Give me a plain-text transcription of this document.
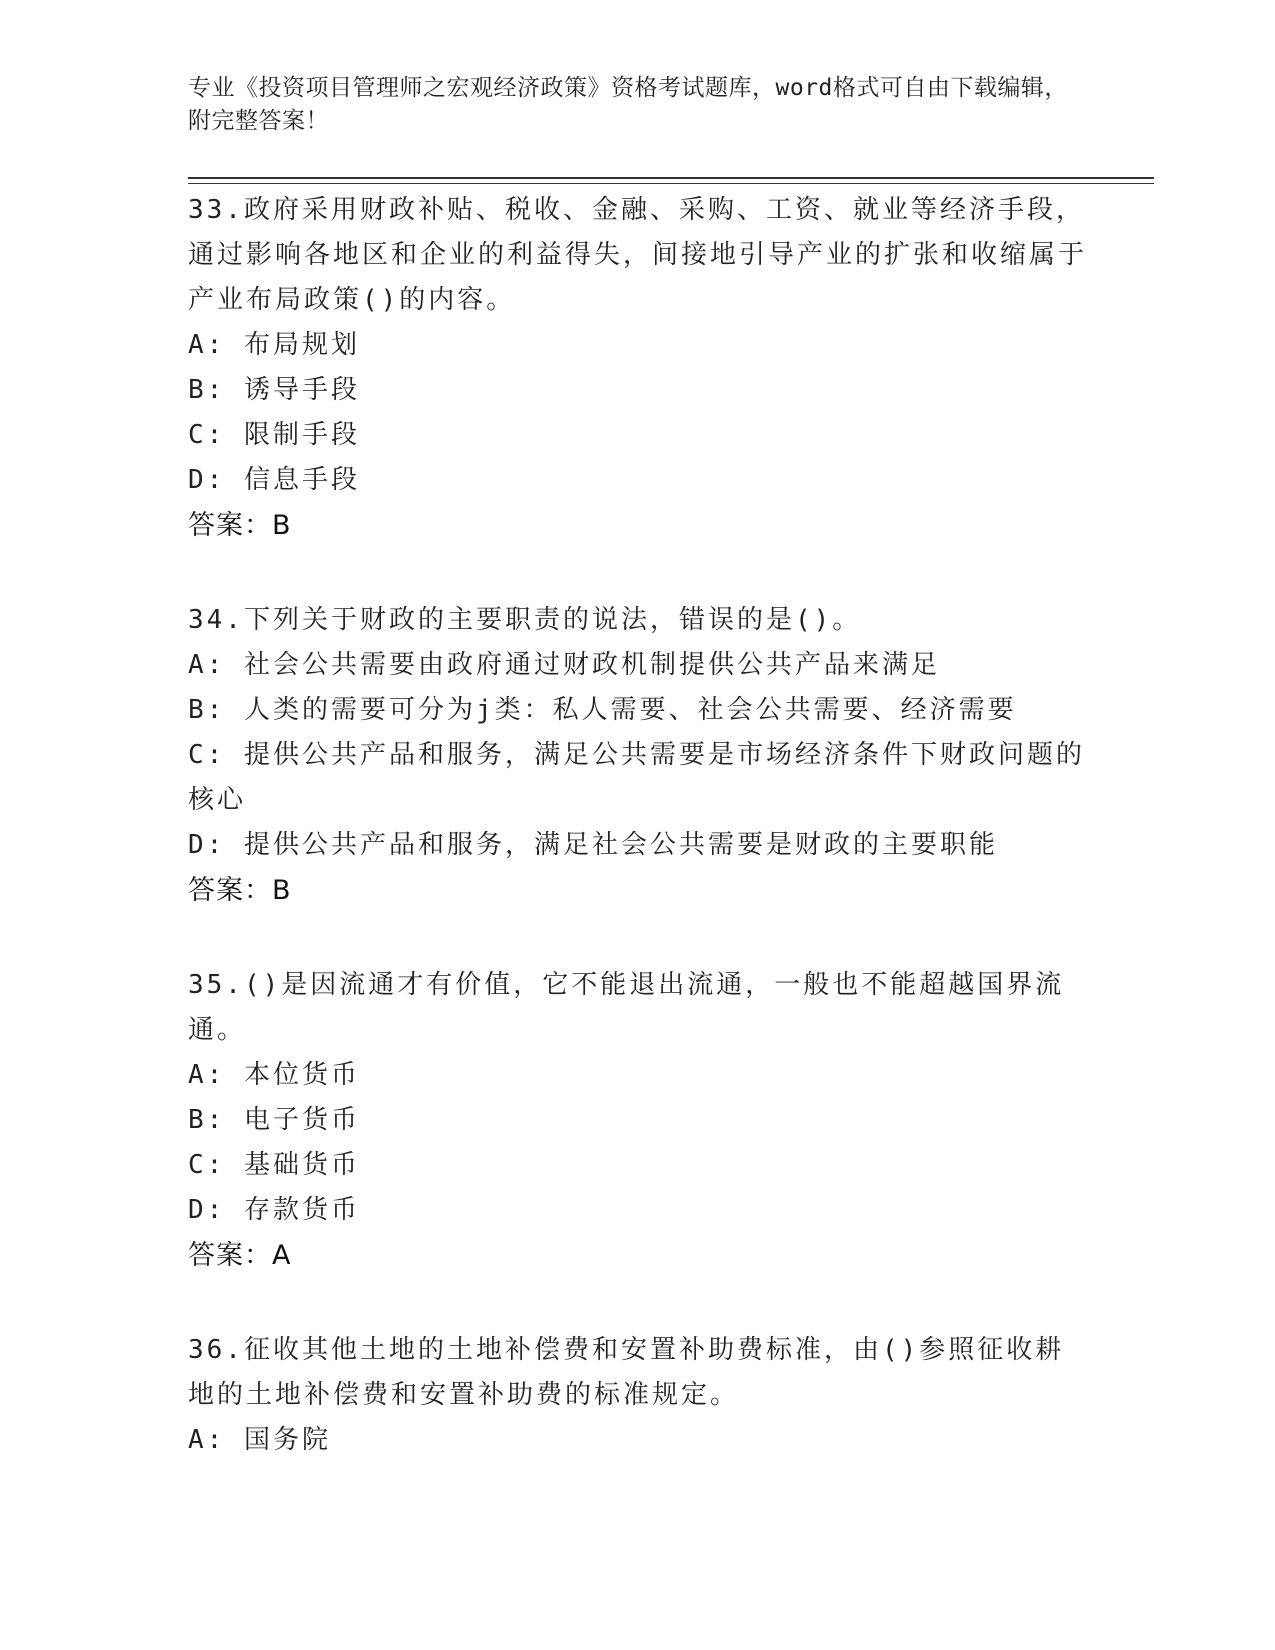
专业《投资项目管理师之宏观经济政策》资格考试题库，word格式可自由下载编辑，附完整答案！

33.政府采用财政补贴、税收、金融、采购、工资、就业等经济手段，通过影响各地区和企业的利益得失，间接地引导产业的扩张和收缩属于产业布局政策()的内容。

A: 布局规划

B: 诱导手段

C: 限制手段

D: 信息手段

答案：B

34.下列关于财政的主要职责的说法，错误的是()。

A: 社会公共需要由政府通过财政机制提供公共产品来满足

B: 人类的需要可分为j类：私人需要、社会公共需要、经济需要

C: 提供公共产品和服务，满足公共需要是市场经济条件下财政问题的核心

D: 提供公共产品和服务，满足社会公共需要是财政的主要职能

答案：B

35.()是因流通才有价值，它不能退出流通，一般也不能超越国界流通。

A: 本位货币

B: 电子货币

C: 基础货币

D: 存款货币

答案：A

36.征收其他土地的土地补偿费和安置补助费标准，由()参照征收耕地的土地补偿费和安置补助费的标准规定。

A: 国务院
